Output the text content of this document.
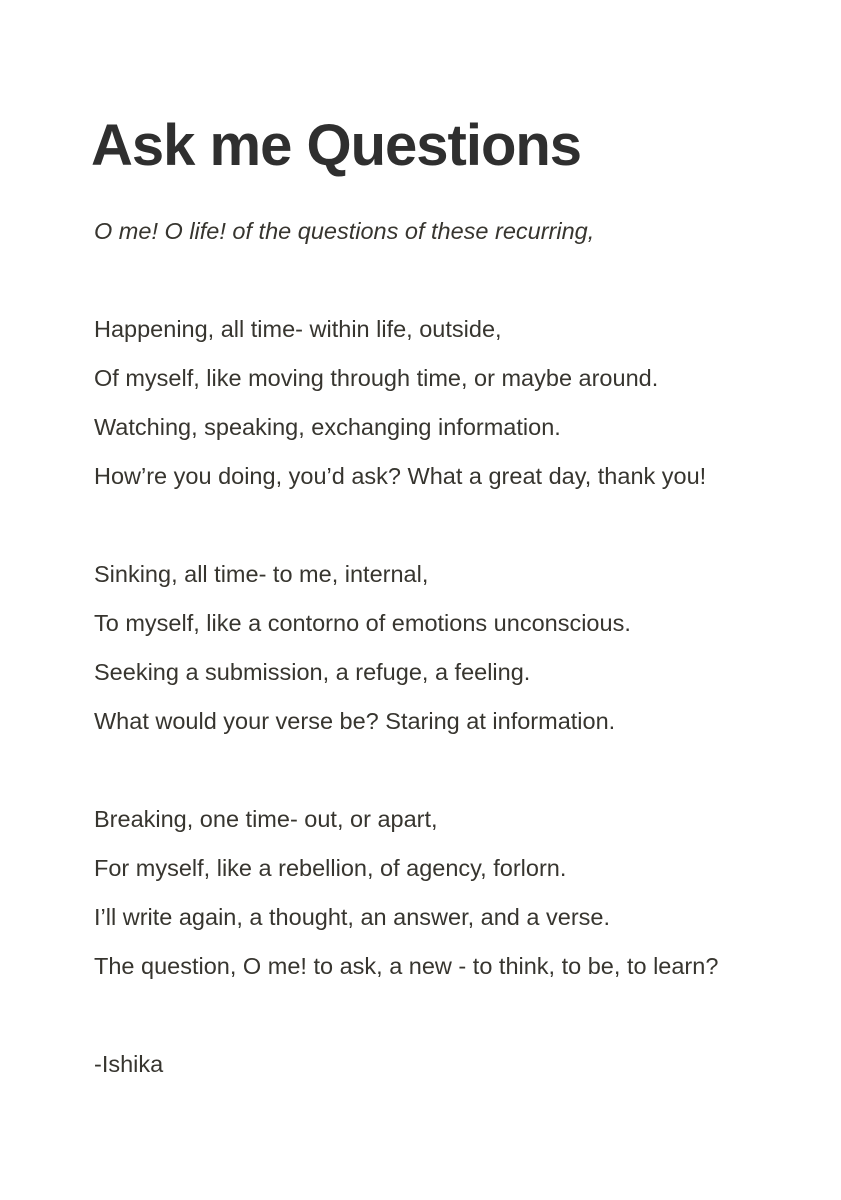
Ask me Questions

O me! O life! of the questions of these recurring,

Happening, all time- within life, outside,

Of myself, like moving through time, or maybe around.

Watching, speaking, exchanging information.

How’re you doing, you’d ask? What a great day, thank you!

Sinking, all time- to me, internal,

To myself, like a contorno of emotions unconscious.

Seeking a submission, a refuge, a feeling.

What would your verse be? Staring at information.

Breaking, one time- out, or apart,

For myself, like a rebellion, of agency, forlorn.

I’ll write again, a thought, an answer, and a verse.

The question, O me! to ask, a new - to think, to be, to learn?

-Ishika
